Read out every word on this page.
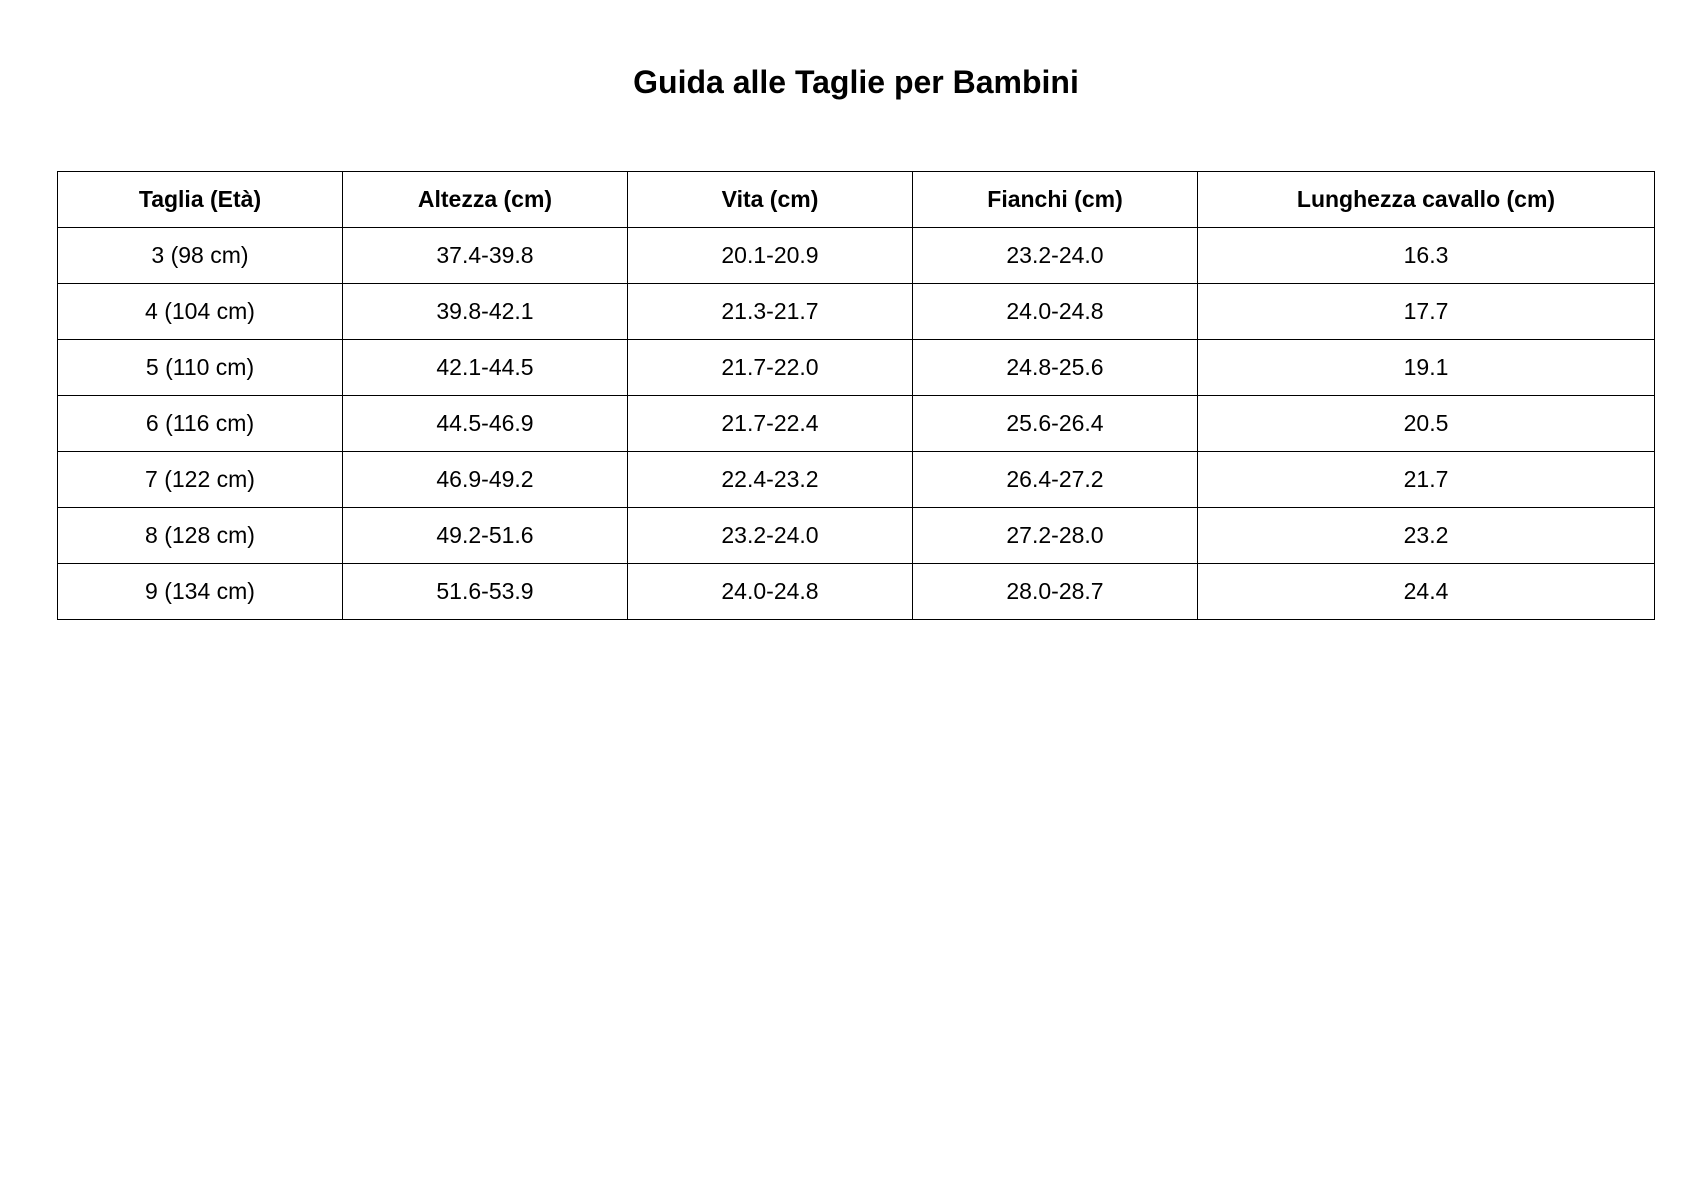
Guida alle Taglie per Bambini
Taglia (Età)	Altezza (cm)	Vita (cm)	Fianchi (cm)	Lunghezza cavallo (cm)
3 (98 cm)	37.4-39.8	20.1-20.9	23.2-24.0	16.3
4 (104 cm)	39.8-42.1	21.3-21.7	24.0-24.8	17.7
5 (110 cm)	42.1-44.5	21.7-22.0	24.8-25.6	19.1
6 (116 cm)	44.5-46.9	21.7-22.4	25.6-26.4	20.5
7 (122 cm)	46.9-49.2	22.4-23.2	26.4-27.2	21.7
8 (128 cm)	49.2-51.6	23.2-24.0	27.2-28.0	23.2
9 (134 cm)	51.6-53.9	24.0-24.8	28.0-28.7	24.4
